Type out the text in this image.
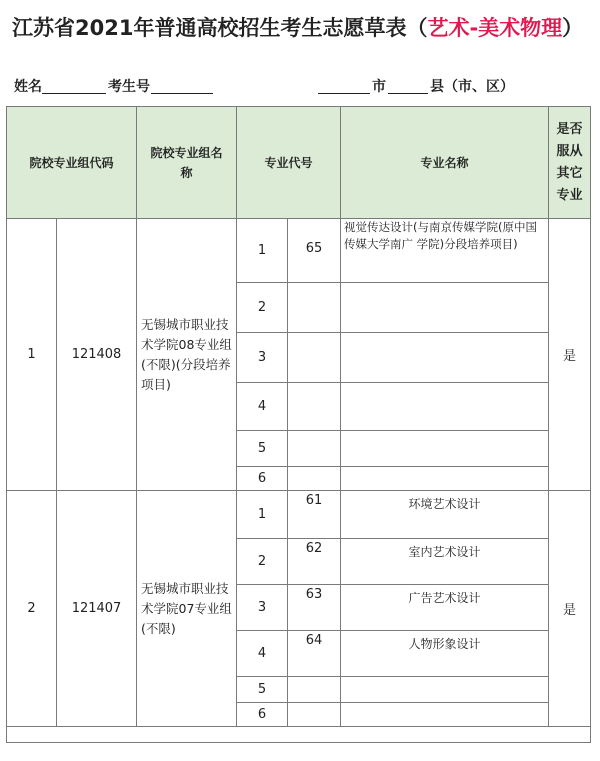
江苏省2021年普通高校招生考生志愿草表（艺术-美术物理）
姓名	考生号	市	县（市、区）
院校专业组代码		院校专业组名称	专业代号		专业名称	是否服从其它专业
1	121408	无锡城市职业技术学院08专业组(不限)(分段培养项目)	1	65	视觉传达设计(与南京传媒学院(原中国传媒大学南广 学院)分段培养项目)	是
			2			
			3			
			4			
			5			
			6			
2	121407	无锡城市职业技术学院07专业组(不限)	1	61	环境艺术设计	是
			2	62	室内艺术设计	
			3	63	广告艺术设计	
			4	64	人物形象设计	
			5			
			6			
